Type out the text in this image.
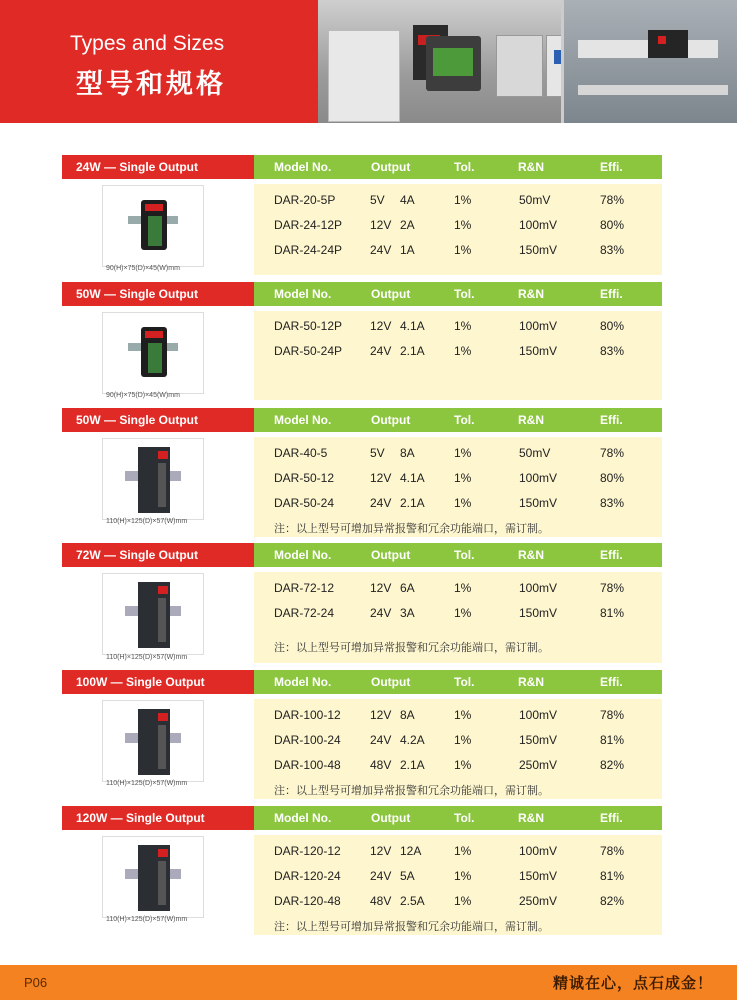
Types and Sizes
型号和规格
24W — Single Output	Model No.	Output	Tol.	R&N	Effi.
90(H)×75(D)×45(W)mm
DAR-20-5P	5V 4A	1%	50mV	78%
DAR-24-12P 12V 2A	1%	100mV	80%
DAR-24-24P 24V 1A	1%	150mV	83%
50W — Single Output	Model No.	Output	Tol.	R&N	Effi.
90(H)×75(D)×45(W)mm
DAR-50-12P 12V 4.1A 1%	100mV	80%
DAR-50-24P 24V 2.1A 1%	150mV	83%
50W — Single Output	Model No.	Output	Tol.	R&N	Effi.
110(H)×125(D)×57(W)mm
DAR-40-5	5V 8A	1%	50mV	78%
DAR-50-12	12V 4.1A 1%	100mV	80%
DAR-50-24	24V 2.1A 1%	150mV	83%
注：以上型号可增加异常报警和冗余功能端口，需订制。
72W — Single Output	Model No.	Output	Tol.	R&N	Effi.
110(H)×125(D)×57(W)mm
DAR-72-12	12V 6A	1%	100mV	78%
DAR-72-24	24V 3A	1%	150mV	81%
注：以上型号可增加异常报警和冗余功能端口，需订制。
100W — Single Output	Model No.	Output	Tol.	R&N	Effi.
110(H)×125(D)×57(W)mm
DAR-100-12 12V 8A	1%	100mV	78%
DAR-100-24 24V 4.2A 1%	150mV	81%
DAR-100-48 48V 2.1A 1%	250mV	82%
注：以上型号可增加异常报警和冗余功能端口，需订制。
120W — Single Output	Model No.	Output	Tol.	R&N	Effi.
110(H)×125(D)×57(W)mm
DAR-120-12 12V 12A	1%	100mV	78%
DAR-120-24 24V 5A	1%	150mV	81%
DAR-120-48 48V 2.5A 1%	250mV	82%
注：以上型号可增加异常报警和冗余功能端口，需订制。
P06	精诚在心，点石成金！
